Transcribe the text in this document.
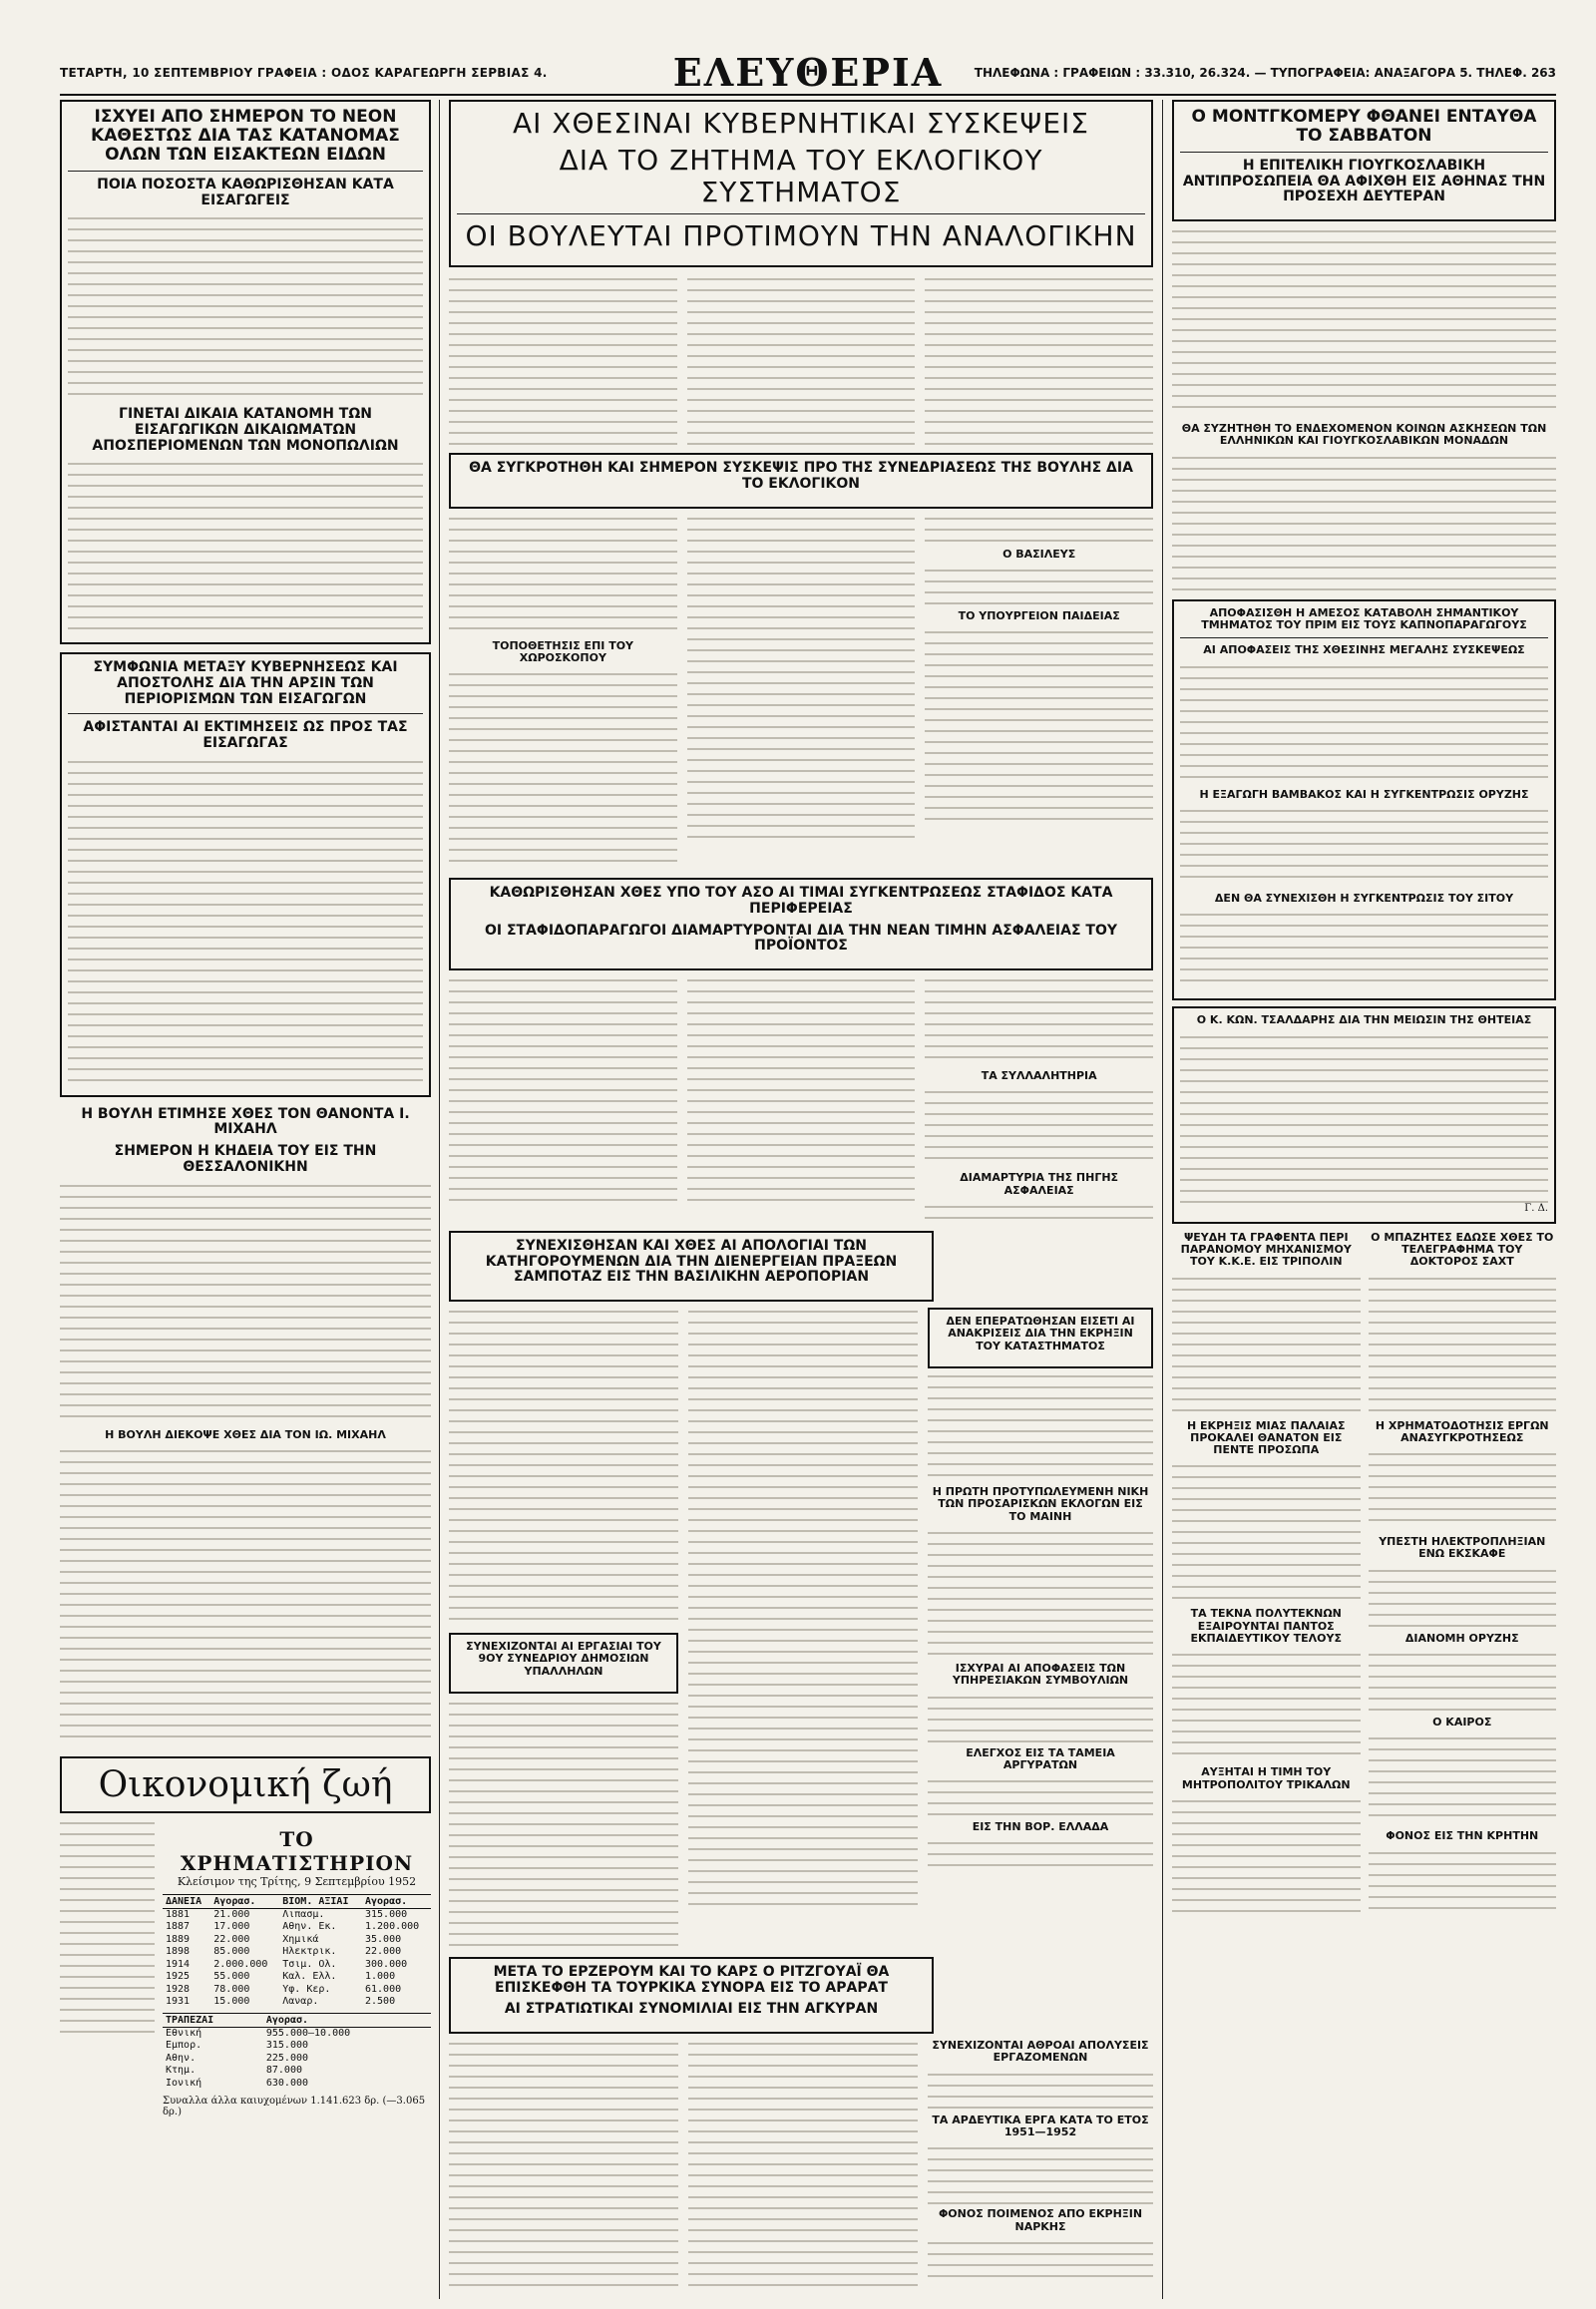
ΤΕΤΑΡΤΗ, 10 ΣΕΠΤΕΜΒΡΙΟΥ ΓΡΑΦΕΙΑ : ΟΔΟΣ ΚΑΡΑΓΕΩΡΓΗ ΣΕΡΒΙΑΣ 4.	ΕΛΕΥΘΕΡΙΑ	ΤΗΛΕΦΩΝΑ : ΓΡΑΦΕΙΩΝ : 33.310, 26.324. — ΤΥΠΟΓΡΑΦΕΙΑ: ΑΝΑΞΑΓΟΡΑ 5. ΤΗΛΕΦ. 263

ΙΣΧΥΕΙ ΑΠΟ ΣΗΜΕΡΟΝ ΤΟ ΝΕΟΝ ΚΑΘΕΣΤΩΣ ΔΙΑ ΤΑΣ ΚΑΤΑΝΟΜΑΣ ΟΛΩΝ ΤΩΝ ΕΙΣΑΚΤΕΩΝ ΕΙΔΩΝ

ΠΟΙΑ ΠΟΣΟΣΤΑ ΚΑΘΩΡΙΣΘΗΣΑΝ ΚΑΤΑ ΕΙΣΑΓΩΓΕΙΣ

ΓΙΝΕΤΑΙ ΔΙΚΑΙΑ ΚΑΤΑΝΟΜΗ ΤΩΝ ΕΙΣΑΓΩΓΙΚΩΝ ΔΙΚΑΙΩΜΑΤΩΝ ΑΠΟΣΠΕΡΙΟΜΕΝΩΝ ΤΩΝ ΜΟΝΟΠΩΛΙΩΝ

ΣΥΜΦΩΝΙΑ ΜΕΤΑΞΥ ΚΥΒΕΡΝΗΣΕΩΣ ΚΑΙ ΑΠΟΣΤΟΛΗΣ ΔΙΑ ΤΗΝ ΑΡΣΙΝ ΤΩΝ ΠΕΡΙΟΡΙΣΜΩΝ ΤΩΝ ΕΙΣΑΓΩΓΩΝ

ΑΦΙΣΤΑΝΤΑΙ ΑΙ ΕΚΤΙΜΗΣΕΙΣ ΩΣ ΠΡΟΣ ΤΑΣ ΕΙΣΑΓΩΓΑΣ

Η ΒΟΥΛΗ ΕΤΙΜΗΣΕ ΧΘΕΣ ΤΟΝ ΘΑΝΟΝΤΑ Ι. ΜΙΧΑΗΛ

ΣΗΜΕΡΟΝ Η ΚΗΔΕΙΑ ΤΟΥ ΕΙΣ ΤΗΝ ΘΕΣΣΑΛΟΝΙΚΗΝ

Η ΒΟΥΛΗ ΔΙΕΚΟΨΕ ΧΘΕΣ ΔΙΑ ΤΟΝ ΙΩ. ΜΙΧΑΗΛ

Οικονομική ζωή
ΤΟ ΧΡΗΜΑΤΙΣΤΗΡΙΟΝ
Κλείσιμον της Τρίτης, 9 Σεπτεμβρίου 1952
ΔΑΝΕΙΑ	Αγορασ.	ΒΙΟΜ. ΑΞΙΑΙ	Αγορασ.
1881	21.000	Λιπασμ.	315.000
1887	17.000	Αθην. Εκ.	1.200.000
1889	22.000	Χημικά	35.000
1898	85.000	Ηλεκτρικ.	22.000
1914	2.000.000	Τσιμ. Ολ.	300.000
1925	55.000	Καλ. Ελλ.	1.000
1928	78.000	Υφ. Κερ.	61.000
1931	15.000	Λαναρ.	2.500
ΤΡΑΠΕΖΑΙ	Αγορασ.
Εθνική	955.000—10.000
Εμπορ.	315.000
Αθην.	225.000
Κτημ.	87.000
Ιονική	630.000
Συναλλα άλλα καιυχομένων 1.141.623 δρ. (—3.065 δρ.)

ΑΙ ΧΘΕΣΙΝΑΙ ΚΥΒΕΡΝΗΤΙΚΑΙ ΣΥΣΚΕΨΕΙΣ

ΔΙΑ ΤΟ ΖΗΤΗΜΑ ΤΟΥ ΕΚΛΟΓΙΚΟΥ ΣΥΣΤΗΜΑΤΟΣ

ΟΙ ΒΟΥΛΕΥΤΑΙ ΠΡΟΤΙΜΟΥΝ ΤΗΝ ΑΝΑΛΟΓΙΚΗΝ

ΘΑ ΣΥΓΚΡΟΤΗΘΗ ΚΑΙ ΣΗΜΕΡΟΝ ΣΥΣΚΕΨΙΣ ΠΡΟ ΤΗΣ ΣΥΝΕΔΡΙΑΣΕΩΣ ΤΗΣ ΒΟΥΛΗΣ ΔΙΑ ΤΟ ΕΚΛΟΓΙΚΟΝ

ΤΟΠΟΘΕΤΗΣΙΣ ΕΠΙ ΤΟΥ ΧΩΡΟΣΚΟΠΟΥ

Ο ΒΑΣΙΛΕΥΣ

ΤΟ ΥΠΟΥΡΓΕΙΟΝ ΠΑΙΔΕΙΑΣ

ΚΑΘΩΡΙΣΘΗΣΑΝ ΧΘΕΣ ΥΠΟ ΤΟΥ ΑΣΟ ΑΙ ΤΙΜΑΙ ΣΥΓΚΕΝΤΡΩΣΕΩΣ ΣΤΑΦΙΔΟΣ ΚΑΤΑ ΠΕΡΙΦΕΡΕΙΑΣ

ΟΙ ΣΤΑΦΙΔΟΠΑΡΑΓΩΓΟΙ ΔΙΑΜΑΡΤΥΡΟΝΤΑΙ ΔΙΑ ΤΗΝ ΝΕΑΝ ΤΙΜΗΝ ΑΣΦΑΛΕΙΑΣ ΤΟΥ ΠΡΟΪΟΝΤΟΣ

ΤΑ ΣΥΛΛΑΛΗΤΗΡΙΑ

ΔΙΑΜΑΡΤΥΡΙΑ ΤΗΣ ΠΗΓΗΣ ΑΣΦΑΛΕΙΑΣ

ΣΥΝΕΧΙΣΘΗΣΑΝ ΚΑΙ ΧΘΕΣ ΑΙ ΑΠΟΛΟΓΙΑΙ ΤΩΝ ΚΑΤΗΓΟΡΟΥΜΕΝΩΝ ΔΙΑ ΤΗΝ ΔΙΕΝΕΡΓΕΙΑΝ ΠΡΑΞΕΩΝ ΣΑΜΠΟΤΑΖ ΕΙΣ ΤΗΝ ΒΑΣΙΛΙΚΗΝ ΑΕΡΟΠΟΡΙΑΝ

ΣΥΝΕΧΙΖΟΝΤΑΙ ΑΙ ΕΡΓΑΣΙΑΙ ΤΟΥ 9ΟΥ ΣΥΝΕΔΡΙΟΥ ΔΗΜΟΣΙΩΝ ΥΠΑΛΛΗΛΩΝ

ΔΕΝ ΕΠΕΡΑΤΩΘΗΣΑΝ ΕΙΣΕΤΙ ΑΙ ΑΝΑΚΡΙΣΕΙΣ ΔΙΑ ΤΗΝ ΕΚΡΗΞΙΝ ΤΟΥ ΚΑΤΑΣΤΗΜΑΤΟΣ

Η ΠΡΩΤΗ ΠΡΟΤΥΠΩΛΕΥΜΕΝΗ ΝΙΚΗ ΤΩΝ ΠΡΟΣΑΡΙΣΚΩΝ ΕΚΛΟΓΩΝ ΕΙΣ ΤΟ ΜΑΙΝΗ

ΙΣΧΥΡΑΙ ΑΙ ΑΠΟΦΑΣΕΙΣ ΤΩΝ ΥΠΗΡΕΣΙΑΚΩΝ ΣΥΜΒΟΥΛΙΩΝ

ΕΛΕΓΧΟΣ ΕΙΣ ΤΑ ΤΑΜΕΙΑ ΑΡΓΥΡΑΤΩΝ

ΕΙΣ ΤΗΝ ΒΟΡ. ΕΛΛΑΔΑ

ΜΕΤΑ ΤΟ ΕΡΖΕΡΟΥΜ ΚΑΙ ΤΟ ΚΑΡΣ Ο ΡΙΤΖΓΟΥΑΪ ΘΑ ΕΠΙΣΚΕΦΘΗ ΤΑ ΤΟΥΡΚΙΚΑ ΣΥΝΟΡΑ ΕΙΣ ΤΟ ΑΡΑΡΑΤ

ΑΙ ΣΤΡΑΤΙΩΤΙΚΑΙ ΣΥΝΟΜΙΛΙΑΙ ΕΙΣ ΤΗΝ ΑΓΚΥΡΑΝ

ΣΥΝΕΧΙΖΟΝΤΑΙ ΑΘΡΟΑΙ ΑΠΟΛΥΣΕΙΣ ΕΡΓΑΖΟΜΕΝΩΝ

ΤΑ ΑΡΔΕΥΤΙΚΑ ΕΡΓΑ ΚΑΤΑ ΤΟ ΕΤΟΣ 1951—1952

ΦΟΝΟΣ ΠΟΙΜΕΝΟΣ ΑΠΟ ΕΚΡΗΞΙΝ ΝΑΡΚΗΣ

Ο ΜΟΝΤΓΚΟΜΕΡΥ ΦΘΑΝΕΙ ΕΝΤΑΥΘΑ ΤΟ ΣΑΒΒΑΤΟΝ

Η ΕΠΙΤΕΛΙΚΗ ΓΙΟΥΓΚΟΣΛΑΒΙΚΗ ΑΝΤΙΠΡΟΣΩΠΕΙΑ ΘΑ ΑΦΙΧΘΗ ΕΙΣ ΑΘΗΝΑΣ ΤΗΝ ΠΡΟΣΕΧΗ ΔΕΥΤΕΡΑΝ

ΘΑ ΣΥΖΗΤΗΘΗ ΤΟ ΕΝΔΕΧΟΜΕΝΟΝ ΚΟΙΝΩΝ ΑΣΚΗΣΕΩΝ ΤΩΝ ΕΛΛΗΝΙΚΩΝ ΚΑΙ ΓΙΟΥΓΚΟΣΛΑΒΙΚΩΝ ΜΟΝΑΔΩΝ

ΑΠΟΦΑΣΙΣΘΗ Η ΑΜΕΣΟΣ ΚΑΤΑΒΟΛΗ ΣΗΜΑΝΤΙΚΟΥ ΤΜΗΜΑΤΟΣ ΤΟΥ ΠΡΙΜ ΕΙΣ ΤΟΥΣ ΚΑΠΝΟΠΑΡΑΓΩΓΟΥΣ

ΑΙ ΑΠΟΦΑΣΕΙΣ ΤΗΣ ΧΘΕΣΙΝΗΣ ΜΕΓΑΛΗΣ ΣΥΣΚΕΨΕΩΣ

Η ΕΞΑΓΩΓΗ ΒΑΜΒΑΚΟΣ ΚΑΙ Η ΣΥΓΚΕΝΤΡΩΣΙΣ ΟΡΥΖΗΣ

ΔΕΝ ΘΑ ΣΥΝΕΧΙΣΘΗ Η ΣΥΓΚΕΝΤΡΩΣΙΣ ΤΟΥ ΣΙΤΟΥ

Ο Κ. ΚΩΝ. ΤΣΑΛΔΑΡΗΣ ΔΙΑ ΤΗΝ ΜΕΙΩΣΙΝ ΤΗΣ ΘΗΤΕΙΑΣ

Γ. Δ.

ΨΕΥΔΗ ΤΑ ΓΡΑΦΕΝΤΑ ΠΕΡΙ ΠΑΡΑΝΟΜΟΥ ΜΗΧΑΝΙΣΜΟΥ ΤΟΥ Κ.Κ.Ε. ΕΙΣ ΤΡΙΠΟΛΙΝ

Η ΕΚΡΗΞΙΣ ΜΙΑΣ ΠΑΛΑΙΑΣ ΠΡΟΚΑΛΕΙ ΘΑΝΑΤΟΝ ΕΙΣ ΠΕΝΤΕ ΠΡΟΣΩΠΑ

ΤΑ ΤΕΚΝΑ ΠΟΛΥΤΕΚΝΩΝ ΕΞΑΙΡΟΥΝΤΑΙ ΠΑΝΤΟΣ ΕΚΠΑΙΔΕΥΤΙΚΟΥ ΤΕΛΟΥΣ

ΑΥΞΗΤΑΙ Η ΤΙΜΗ ΤΟΥ ΜΗΤΡΟΠΟΛΙΤΟΥ ΤΡΙΚΑΛΩΝ

Ο ΜΠΑΖΗΤΕΣ ΕΔΩΣΕ ΧΘΕΣ ΤΟ ΤΕΛΕΓΡΑΦΗΜΑ ΤΟΥ ΔΟΚΤΟΡΟΣ ΣΑΧΤ

Η ΧΡΗΜΑΤΟΔΟΤΗΣΙΣ ΕΡΓΩΝ ΑΝΑΣΥΓΚΡΟΤΗΣΕΩΣ

ΥΠΕΣΤΗ ΗΛΕΚΤΡΟΠΛΗΞΙΑΝ ΕΝΩ ΕΚΣΚΑΦΕ

ΔΙΑΝΟΜΗ ΟΡΥΖΗΣ

Ο ΚΑΙΡΟΣ

ΦΟΝΟΣ ΕΙΣ ΤΗΝ ΚΡΗΤΗΝ
